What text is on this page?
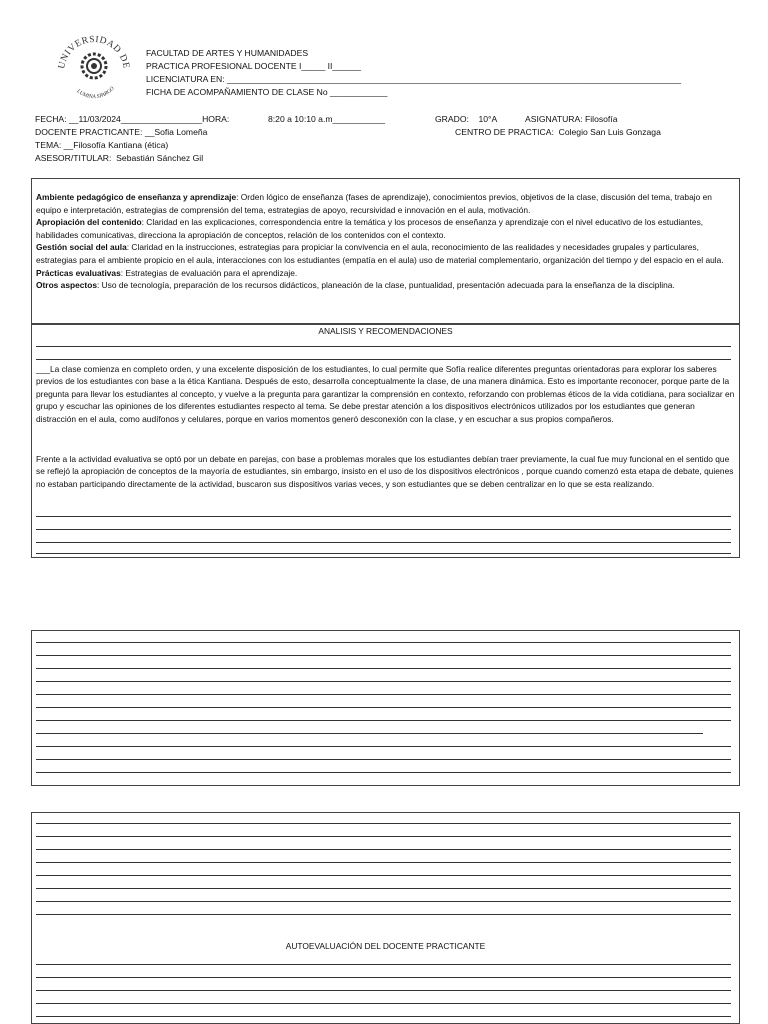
UNIVERSIDAD DE
LUMINA SPARGO
FACULTAD DE ARTES Y HUMANIDADES
PRACTICA PROFESIONAL DOCENTE I_____ II______
LICENCIATURA EN: _______________________________________________________________________________________________
FICHA DE ACOMPAÑAMIENTO DE CLASE No ____________
FECHA: __11/03/2024_________________HORA:	8:20 a 10:10 a.m___________	GRADO:    10°A	ASIGNATURA: Filosofía
DOCENTE PRACTICANTE: __Sofia Lomeña	CENTRO DE PRACTICA:  Colegio San Luis Gonzaga
TEMA: __Filosofía Kantiana (ética)
ASESOR/TITULAR:  Sebastián Sánchez Gil

Ambiente pedagógico de enseñanza y aprendizaje: Orden lógico de enseñanza (fases de aprendizaje), conocimientos previos, objetivos de la clase, discusión del tema, trabajo en equipo e interpretación, estrategias de comprensión del tema, estrategias de apoyo, recursividad e innovación en el aula, motivación.

Apropiación del contenido: Claridad en las explicaciones, correspondencia entre la temática y los procesos de enseñanza y aprendizaje con el nivel educativo de los estudiantes, habilidades comunicativas, direcciona la apropiación de conceptos, relación de los contenidos con el contexto.

Gestión social del aula: Claridad en la instrucciones, estrategias para propiciar la convivencia en el aula, reconocimiento de las realidades y necesidades grupales y particulares, estrategias para el ambiente propicio en el aula, interacciones con los estudiantes (empatía en el aula) uso de material complementario, organización del tiempo y del espacio en el aula.

Prácticas evaluativas: Estrategias de evaluación para el aprendizaje.

Otros aspectos: Uso de tecnología, preparación de los recursos didácticos, planeación de la clase, puntualidad, presentación adecuada para la enseñanza de la disciplina.

ANALISIS Y RECOMENDACIONES

___La clase comienza en completo orden, y una excelente disposición de los estudiantes, lo cual permite que Sofía realice diferentes preguntas orientadoras para explorar los saberes previos de los estudiantes con base a la ética Kantiana. Después de esto, desarrolla conceptualmente la clase, de una manera dinámica. Esto es importante reconocer, porque parte de la pregunta para llevar los estudiantes al concepto, y vuelve a la pregunta para garantizar la comprensión en contexto, reforzando con problemas éticos de la vida cotidiana, para socializar en grupo y escuchar las opiniones de los diferentes estudiantes respecto al tema. Se debe prestar atención a los dispositivos electrónicos utilizados por los estudiantes que generan distracción en el aula, como audífonos y celulares, porque en varios momentos generó desconexión con la clase, y en escuchar a sus propios compañeros.

Frente a la actividad evaluativa se optó por un debate en parejas, con base a problemas morales que los estudiantes debían traer previamente, la cual fue muy funcional en el sentido que se reflejó la apropiación de conceptos de la mayoría de estudiantes, sin embargo, insisto en el uso de los dispositivos electrónicos , porque cuando comenzó esta etapa de debate, quienes no estaban participando directamente de la actividad, buscaron sus dispositivos varias veces, y son estudiantes que se deben centralizar en lo que se esta realizando.

AUTOEVALUACIÓN DEL DOCENTE PRACTICANTE
